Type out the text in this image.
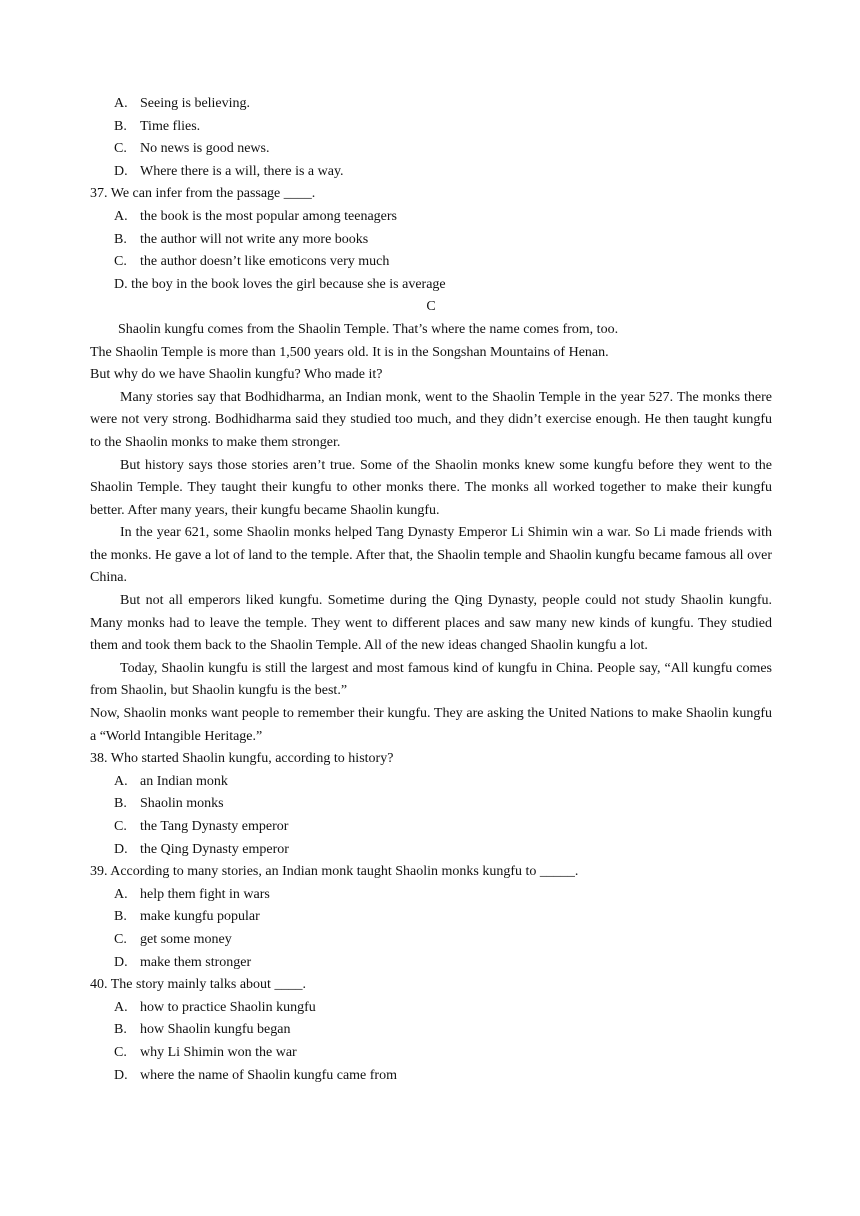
A. Seeing is believing.
B. Time flies.
C. No news is good news.
D. Where there is a will, there is a way.
37. We can infer from the passage ____.
A. the book is the most popular among teenagers
B. the author will not write any more books
C. the author doesn’t like emoticons very much
D. the boy in the book loves the girl because she is average
C
Shaolin kungfu comes from the Shaolin Temple. That’s where the name comes from, too.
The Shaolin Temple is more than 1,500 years old. It is in the Songshan Mountains of Henan.
But why do we have Shaolin kungfu? Who made it?
Many stories say that Bodhidharma, an Indian monk, went to the Shaolin Temple in the year 527. The monks there were not very strong. Bodhidharma said they studied too much, and they didn’t exercise enough. He then taught kungfu to the Shaolin monks to make them stronger.
But history says those stories aren’t true. Some of the Shaolin monks knew some kungfu before they went to the Shaolin Temple. They taught their kungfu to other monks there. The monks all worked together to make their kungfu better. After many years, their kungfu became Shaolin kungfu.
In the year 621, some Shaolin monks helped Tang Dynasty Emperor Li Shimin win a war. So Li made friends with the monks. He gave a lot of land to the temple. After that, the Shaolin temple and Shaolin kungfu became famous all over China.
But not all emperors liked kungfu. Sometime during the Qing Dynasty, people could not study Shaolin kungfu. Many monks had to leave the temple. They went to different places and saw many new kinds of kungfu. They studied them and took them back to the Shaolin Temple. All of the new ideas changed Shaolin kungfu a lot.
Today, Shaolin kungfu is still the largest and most famous kind of kungfu in China. People say, “All kungfu comes from Shaolin, but Shaolin kungfu is the best.”
Now, Shaolin monks want people to remember their kungfu. They are asking the United Nations to make Shaolin kungfu a “World Intangible Heritage.”
38. Who started Shaolin kungfu, according to history?
A. an Indian monk
B. Shaolin monks
C. the Tang Dynasty emperor
D. the Qing Dynasty emperor
39. According to many stories, an Indian monk taught Shaolin monks kungfu to _____.
A. help them fight in wars
B. make kungfu popular
C. get some money
D. make them stronger
40. The story mainly talks about ____.
A. how to practice Shaolin kungfu
B. how Shaolin kungfu began
C. why Li Shimin won the war
D. where the name of Shaolin kungfu came from
